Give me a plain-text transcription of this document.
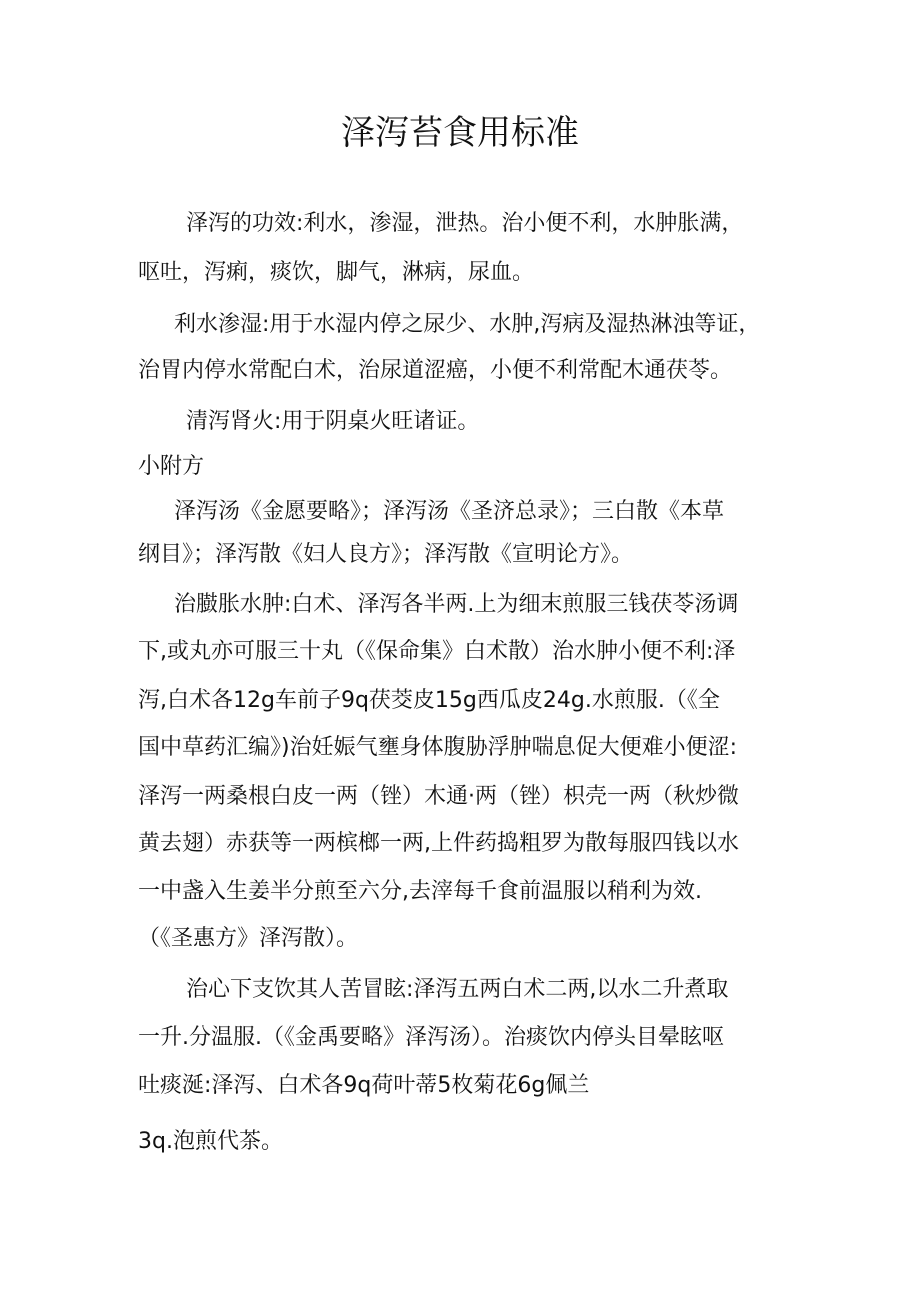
泽泻苔食用标准

泽泻的功效:利水，渗湿，泄热。治小便不利，水肿胀满，

呕吐，泻痢，痰饮，脚气，淋病，尿血。

利水渗湿:用于水湿内停之尿少、水肿,泻病及湿热淋浊等证，

治胃内停水常配白术，治尿道涩癌，小便不利常配木通茯苓。

清泻肾火:用于阴桌火旺诸证。

小附方

泽泻汤《金愿要略》；泽泻汤《圣济总录》；三白散《本草

纲目》；泽泻散《妇人良方》；泽泻散《宣明论方》。

治臌胀水肿:白术、泽泻各半两.上为细末煎服三钱茯苓汤调

下,或丸亦可服三十丸（《保命集》白术散）治水肿小便不利:泽

泻,白术各12g车前子9q茯茭皮15g西瓜皮24g.水煎服.（《全

国中草药汇编》)治妊娠气壅身体腹胁浮肿喘息促大便难小便涩:

泽泻一两桑根白皮一两（锉）木通·两（锉）枳壳一两（秋炒微

黄去翅）赤获等一两槟榔一两,上件药捣粗罗为散每服四钱以水

一中盏入生姜半分煎至六分,去滓每千食前温服以稍利为效.

（《圣惠方》泽泻散）。

治心下支饮其人苦冒眩:泽泻五两白术二两,以水二升煮取

一升.分温服.（《金禹要略》泽泻汤）。治痰饮内停头目晕眩呕

吐痰涎:泽泻、白术各9q荷叶蒂5枚菊花6g佩兰

3q.泡煎代茶。
